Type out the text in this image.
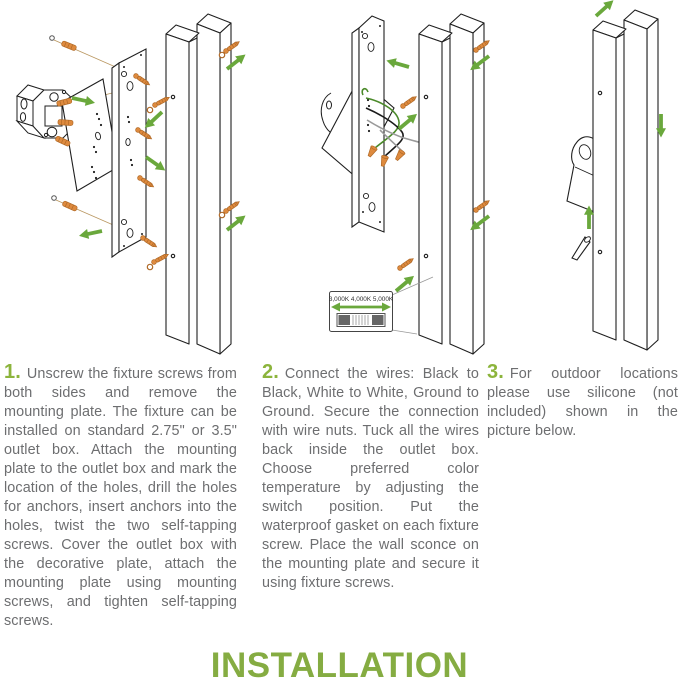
3,000K 4,000K 5,000K
1. Unscrew the fixture screws from both sides and remove the mounting plate. The fixture can be installed on standard 2.75" or 3.5" outlet box. Attach the mounting plate to the outlet box and mark the location of the holes, drill the holes for anchors, insert anchors into the holes, twist the two self-tapping screws. Cover the outlet box with the decorative plate, attach the mounting plate using mounting screws, and tighten self-tapping screws.
2. Connect the wires: Black to Black, White to White, Ground to Ground. Secure the connection with wire nuts. Tuck all the wires back inside the outlet box. Choose preferred color temperature by adjusting the switch position. Put the waterproof gasket on each fixture screw. Place the wall sconce on the mounting plate and secure it using fixture screws.
3. For outdoor locations please use silicone (not included) shown in the picture below.
INSTALLATION
